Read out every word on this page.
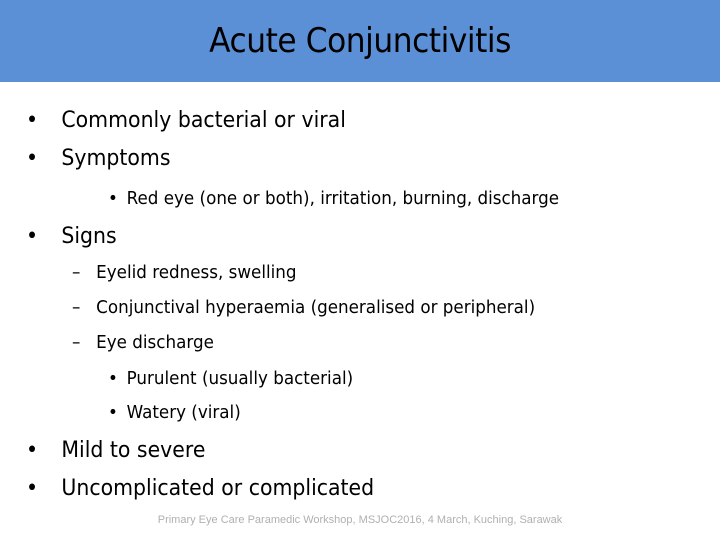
Acute Conjunctivitis
• Commonly bacterial or viral
• Symptoms
• Red eye (one or both), irritation, burning, discharge
• Signs
– Eyelid redness, swelling
– Conjunctival hyperaemia (generalised or peripheral)
– Eye discharge
• Purulent (usually bacterial)
• Watery (viral)
• Mild to severe
• Uncomplicated or complicated
Primary Eye Care Paramedic Workshop, MSJOC2016, 4 March, Kuching, Sarawak
